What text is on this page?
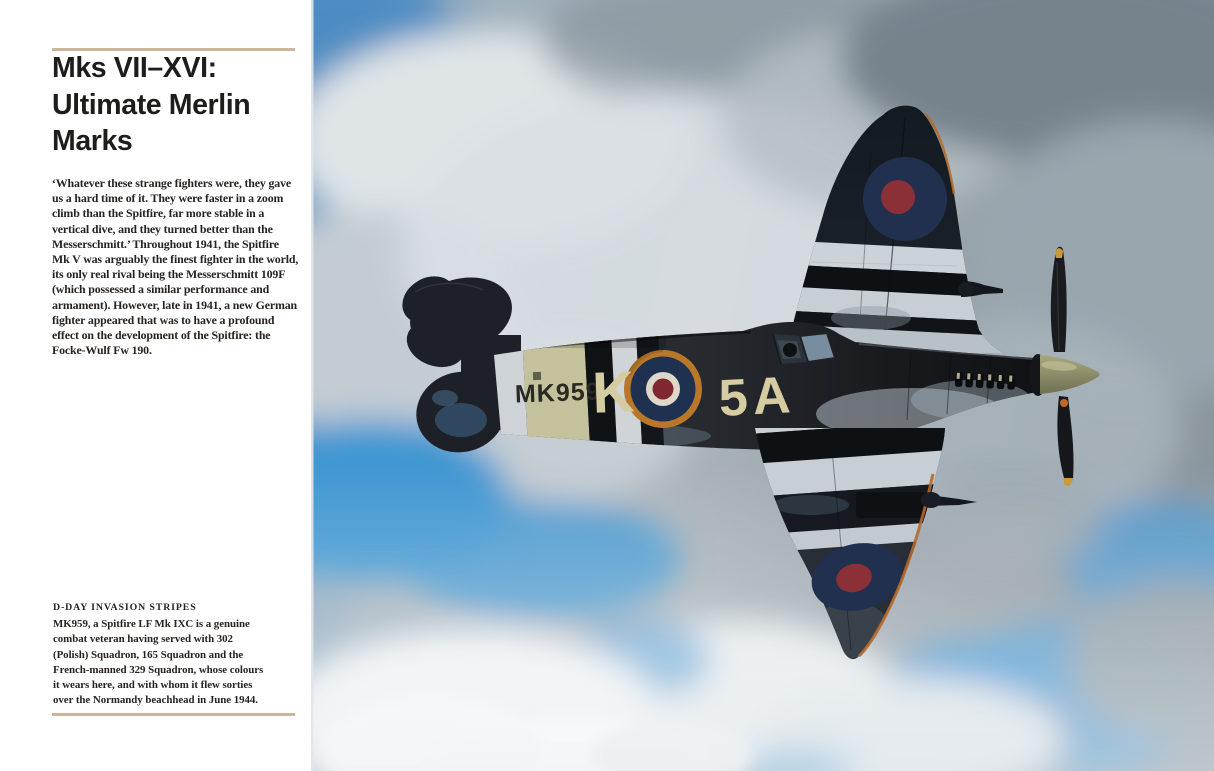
Mks VII–XVI: Ultimate Merlin Marks

‘Whatever these strange fighters were, they gave us a hard time of it. They were faster in a zoom climb than the Spitfire, far more stable in a vertical dive, and they turned better than the Messerschmitt.’ Throughout 1941, the Spitfire Mk V was arguably the finest fighter in the world, its only real rival being the Messerschmitt 109F (which possessed a similar performance and armament). However, late in 1941, a new German fighter appeared that was to have a profound effect on the development of the Spitfire: the Focke-Wulf Fw 190.

D-DAY INVASION STRIPES
MK959, a Spitfire LF Mk IXC is a genuine combat veteran having served with 302 (Polish) Squadron, 165 Squadron and the French-manned 329 Squadron, whose colours it wears here, and with whom it flew sorties over the Normandy beachhead in June 1944.
MK959
K 5A
